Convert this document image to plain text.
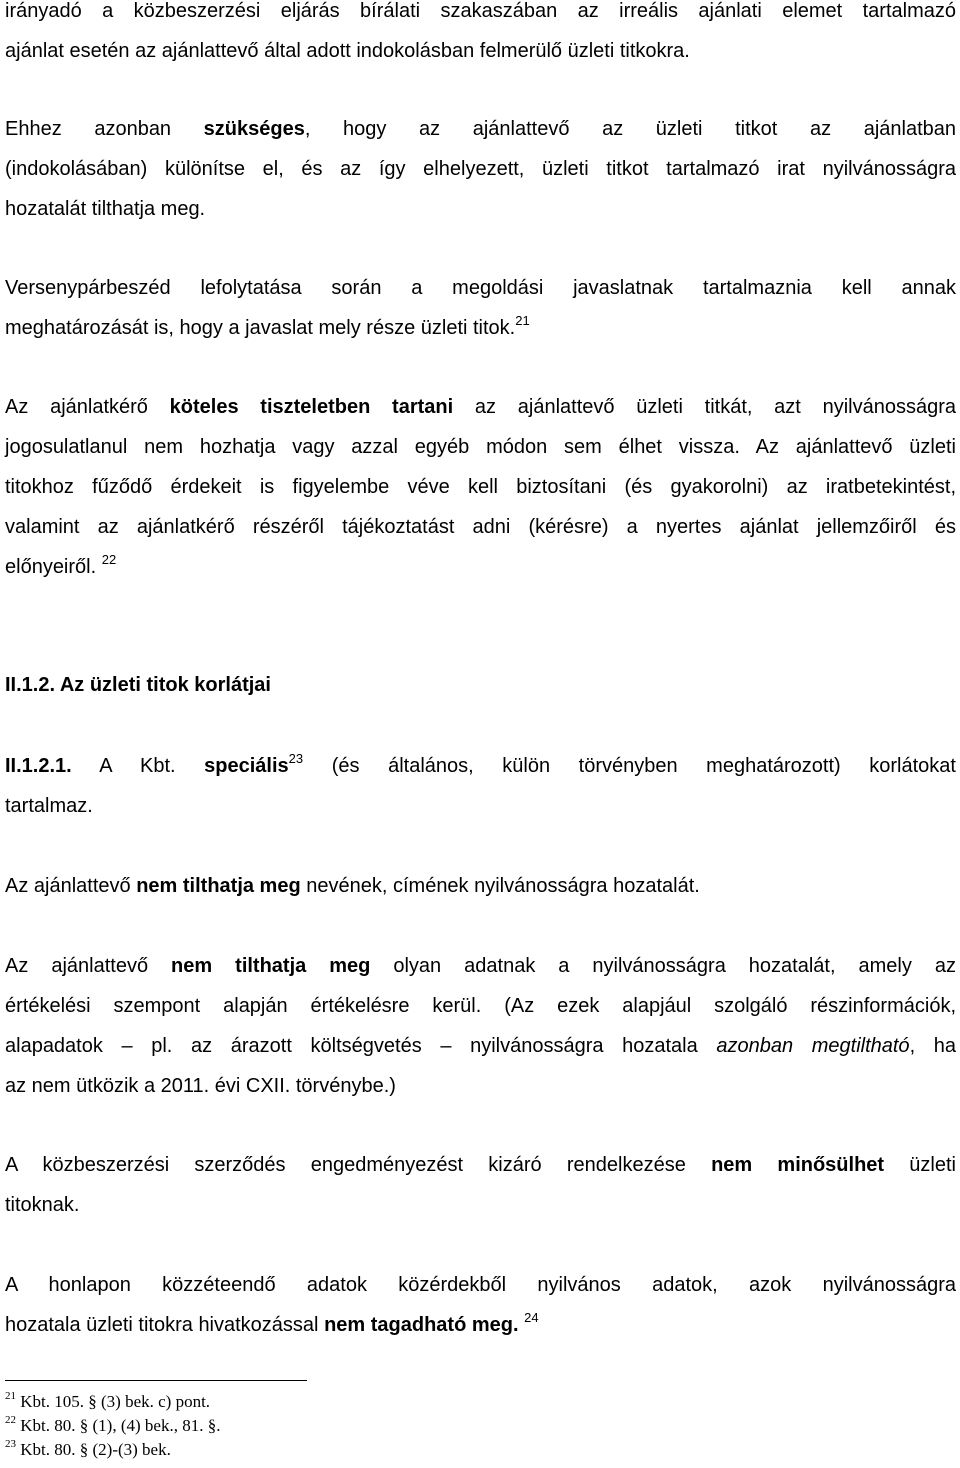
irányadó a közbeszerzési eljárás bírálati szakaszában az irreális ajánlati elemet tartalmazó
ajánlat esetén az ajánlattevő által adott indokolásban felmerülő üzleti titkokra.
Ehhez azonban szükséges, hogy az ajánlattevő az üzleti titkot az ajánlatban
(indokolásában) különítse el, és az így elhelyezett, üzleti titkot tartalmazó irat nyilvánosságra
hozatalát tilthatja meg.
Versenypárbeszéd lefolytatása során a megoldási javaslatnak tartalmaznia kell annak
meghatározását is, hogy a javaslat mely része üzleti titok.$^{21}$
Az ajánlatkérő köteles tiszteletben tartani az ajánlattevő üzleti titkát, azt nyilvánosságra
jogosulatlanul nem hozhatja vagy azzal egyéb módon sem élhet vissza. Az ajánlattevő üzleti
titokhoz fűződő érdekeit is figyelembe véve kell biztosítani (és gyakorolni) az iratbetekintést,
valamint az ajánlatkérő részéről tájékoztatást adni (kérésre) a nyertes ajánlat jellemzőiről és
előnyeiről. $^{22}$
II.1.2. Az üzleti titok korlátjai
II.1.2.1. A Kbt. speciális$^{23}$ (és általános, külön törvényben meghatározott) korlátokat
tartalmaz.
Az ajánlattevő nem tilthatja meg nevének, címének nyilvánosságra hozatalát.
Az ajánlattevő nem tilthatja meg olyan adatnak a nyilvánosságra hozatalát, amely az
értékelési szempont alapján értékelésre kerül. (Az ezek alapjául szolgáló részinformációk,
alapadatok – pl. az árazott költségvetés – nyilvánosságra hozatala azonban megtiltható, ha
az nem ütközik a 2011. évi CXII. törvénybe.)
A közbeszerzési szerződés engedményezést kizáró rendelkezése nem minősülhet üzleti
titoknak.
A honlapon közzéteendő adatok közérdekből nyilvános adatok, azok nyilvánosságra
hozatala üzleti titokra hivatkozással nem tagadható meg. $^{24}$
$^{21}$ Kbt. 105. § (3) bek. c) pont.
$^{22}$ Kbt. 80. § (1), (4) bek., 81. §.
$^{23}$ Kbt. 80. § (2)-(3) bek.
